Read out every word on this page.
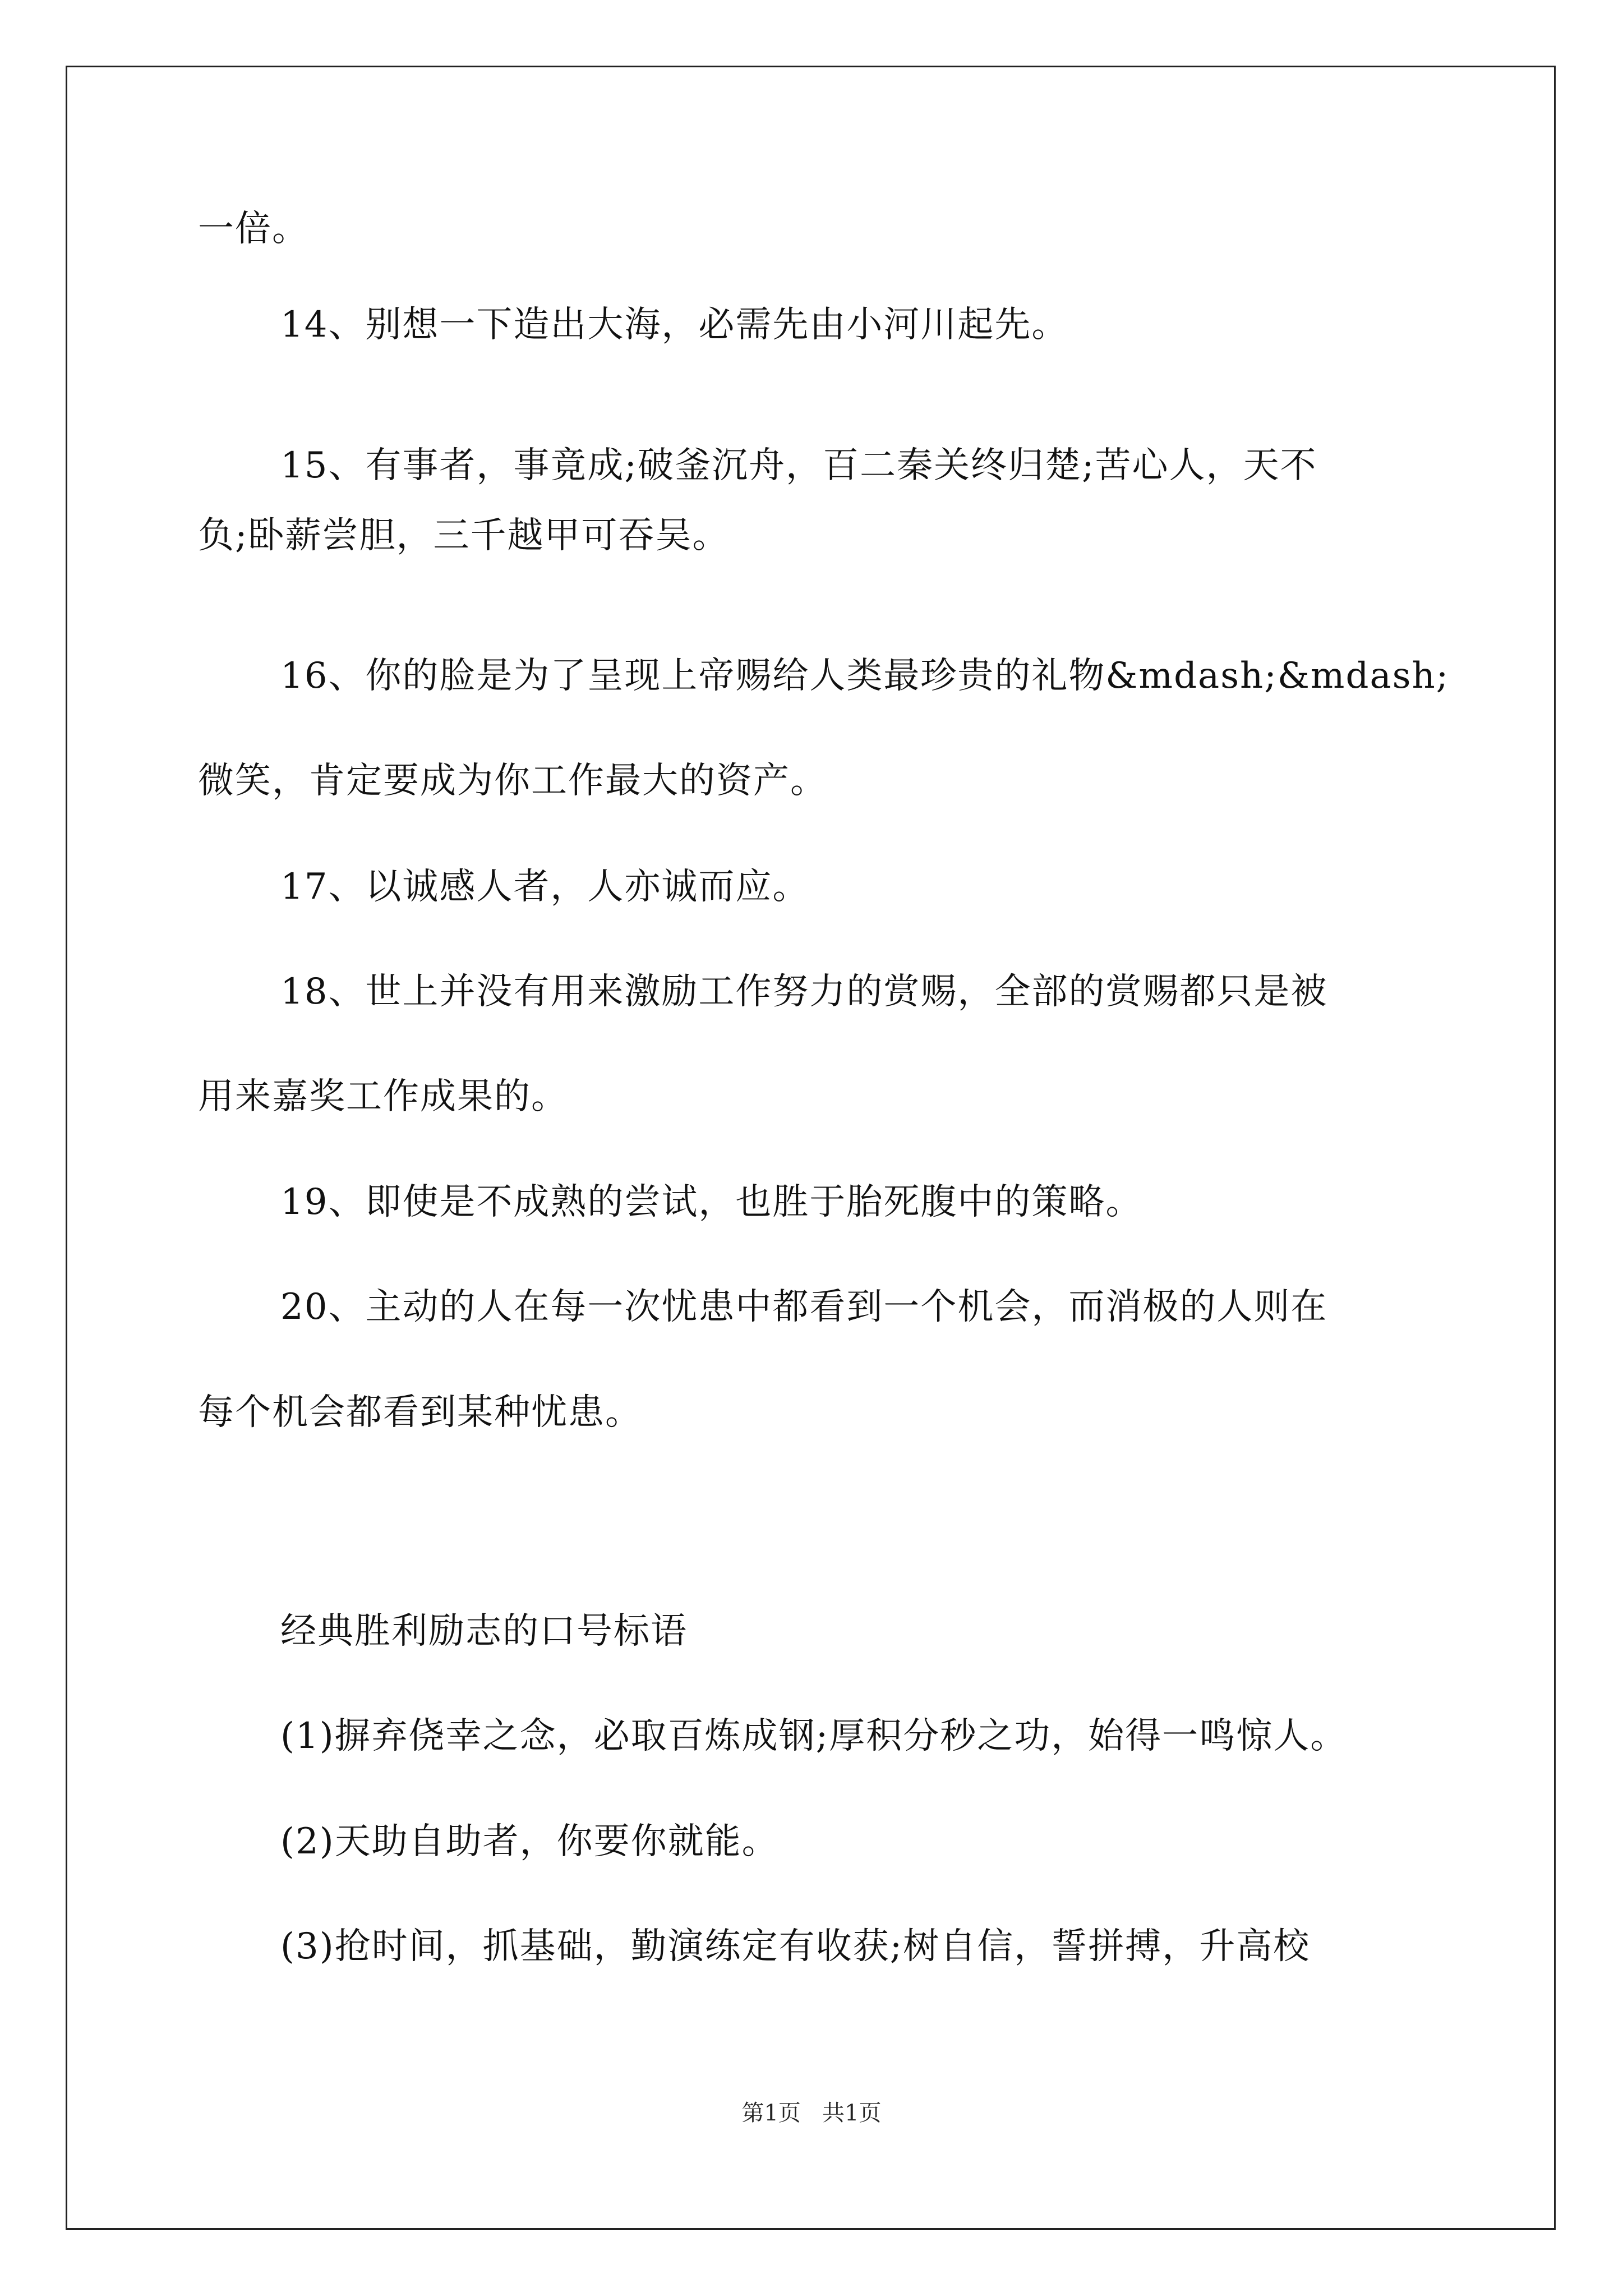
一倍。
14、别想一下造出大海，必需先由小河川起先。
15、有事者，事竟成;破釜沉舟，百二秦关终归楚;苦心人，天不
负;卧薪尝胆，三千越甲可吞吴。
16、你的脸是为了呈现上帝赐给人类最珍贵的礼物&mdash;&mdash;
微笑，肯定要成为你工作最大的资产。
17、以诚感人者，人亦诚而应。
18、世上并没有用来激励工作努力的赏赐，全部的赏赐都只是被
用来嘉奖工作成果的。
19、即使是不成熟的尝试，也胜于胎死腹中的策略。
20、主动的人在每一次忧患中都看到一个机会，而消极的人则在
每个机会都看到某种忧患。
经典胜利励志的口号标语
(1)摒弃侥幸之念，必取百炼成钢;厚积分秒之功，始得一鸣惊人。
(2)天助自助者，你要你就能。
(3)抢时间，抓基础，勤演练定有收获;树自信，誓拼搏，升高校
第1页   共1页
